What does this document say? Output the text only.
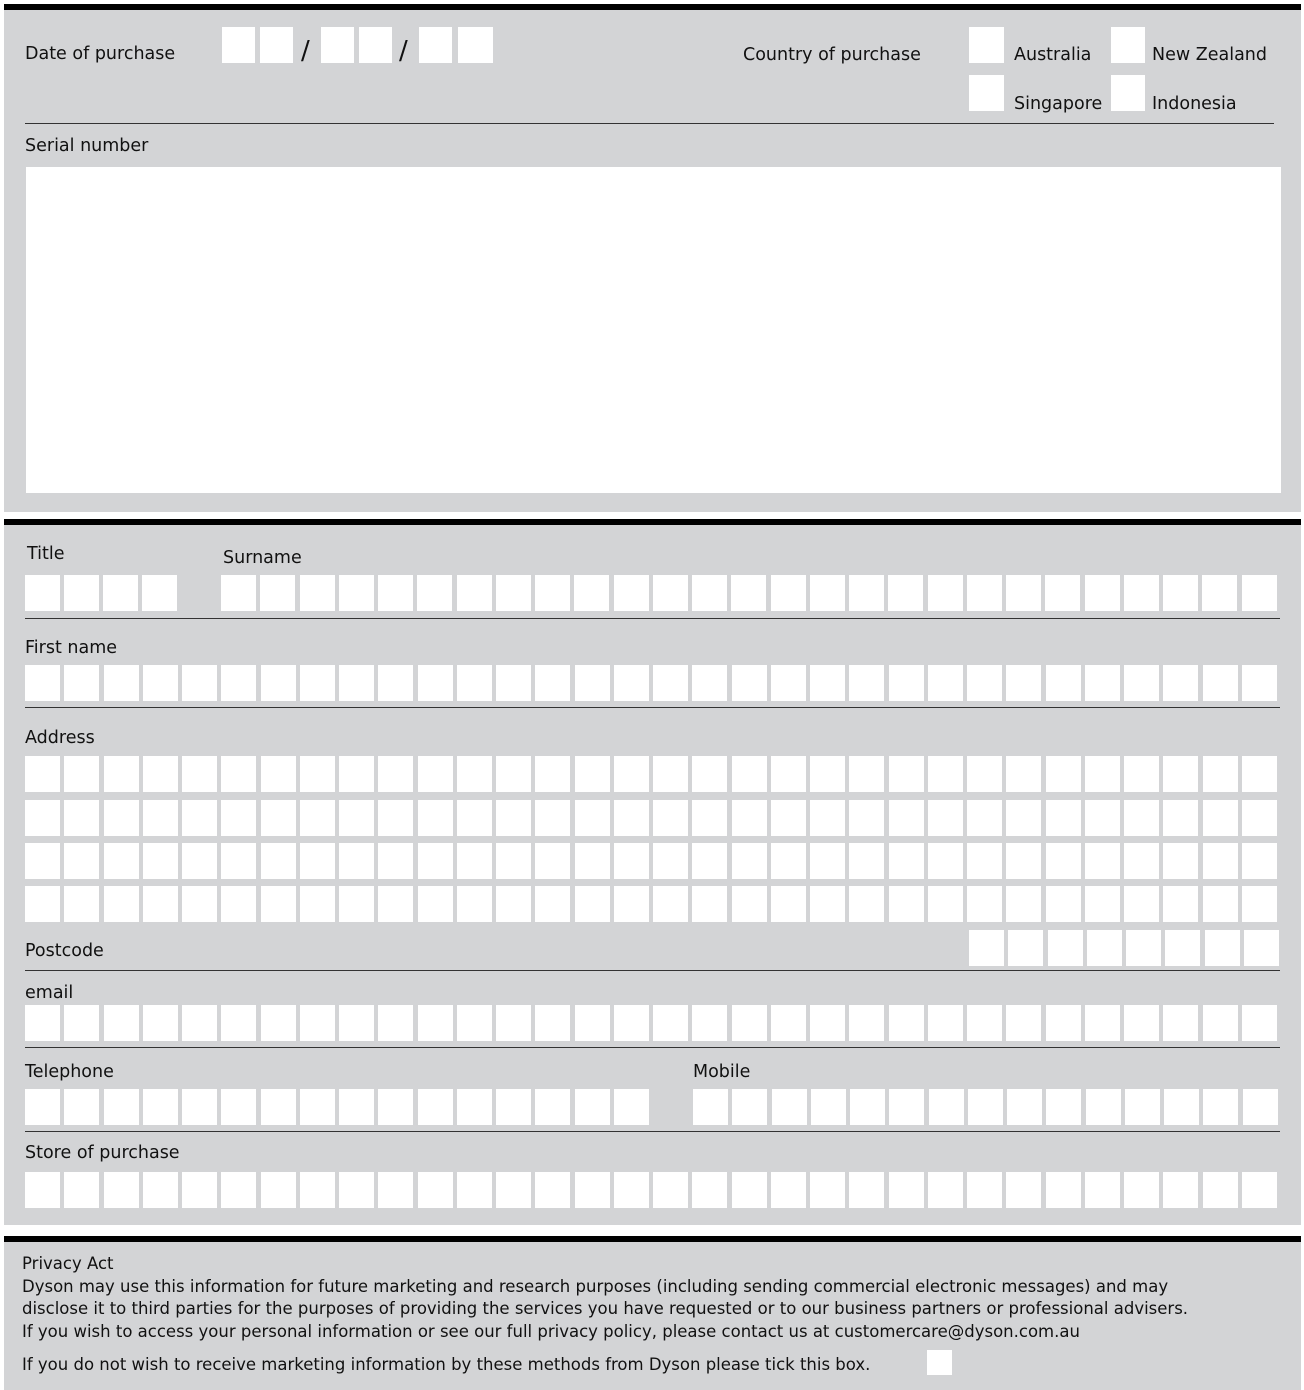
Date of purchase	/	/	Country of purchase	Australia	New Zealand
Singapore	Indonesia
Serial number
Title	Surname
First name
Address
Postcode
email
Telephone	Mobile
Store of purchase
Privacy Act
Dyson may use this information for future marketing and research purposes (including sending commercial electronic messages) and may
disclose it to third parties for the purposes of providing the services you have requested or to our business partners or professional advisers.
If you wish to access your personal information or see our full privacy policy, please contact us at customercare@dyson.com.au
If you do not wish to receive marketing information by these methods from Dyson please tick this box.
